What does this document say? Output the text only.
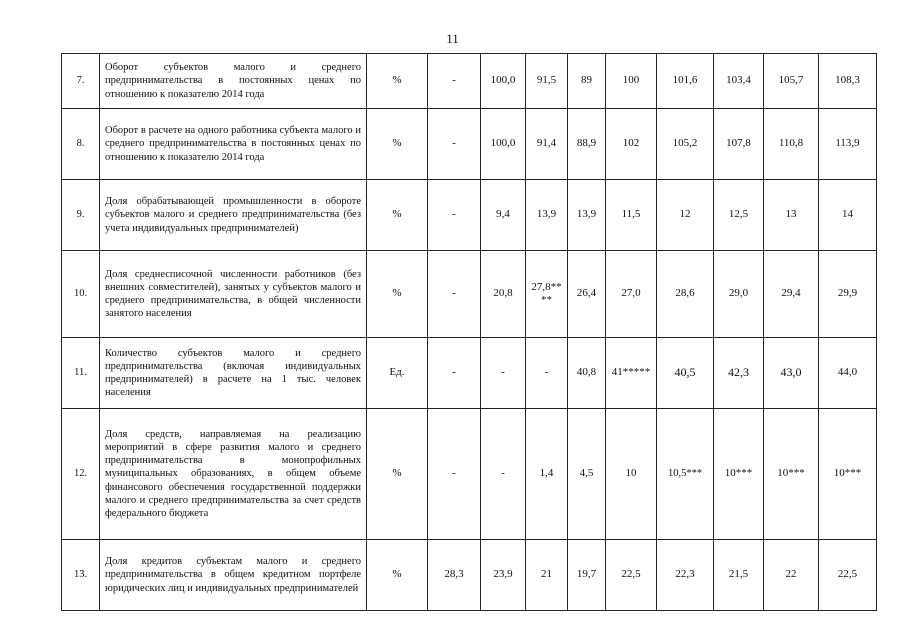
11
7.	Оборот субъектов малого и среднего предпринимательства в постоянных ценах по отношению к показателю 2014 года	%	-	100,0	91,5	89	100	101,6	103,4	105,7	108,3
8.	Оборот в расчете на одного работника субъекта малого и среднего предпринимательства в постоянных ценах по отношению к показателю 2014 года	%	-	100,0	91,4	88,9	102	105,2	107,8	110,8	113,9
9.	Доля обрабатывающей промышленности в обороте субъектов малого и среднего предпринимательства (без учета индивидуальных предпринимателей)	%	-	9,4	13,9	13,9	11,5	12	12,5	13	14
10.	Доля среднесписочной численности работников (без внешних совместителей), занятых у субъектов малого и среднего предпринимательства, в общей численности занятого населения	%	-	20,8	27,8****	26,4	27,0	28,6	29,0	29,4	29,9
11.	Количество субъектов малого и среднего предпринимательства (включая индивидуальных предпринимателей) в расчете на 1 тыс. человек населения	Ед.	-	-	-	40,8	41*****	40,5	42,3	43,0	44,0
12.	Доля средств, направляемая на реализацию мероприятий в сфере развития малого и среднего предпринимательства в монопрофильных муниципальных образованиях, в общем объеме финансового обеспечения государственной поддержки малого и среднего предпринимательства за счет средств федерального бюджета	%	-	-	1,4	4,5	10	10,5***	10***	10***	10***
13.	Доля кредитов субъектам малого и среднего предпринимательства в общем кредитном портфеле юридических лиц и индивидуальных предпринимателей	%	28,3	23,9	21	19,7	22,5	22,3	21,5	22	22,5
